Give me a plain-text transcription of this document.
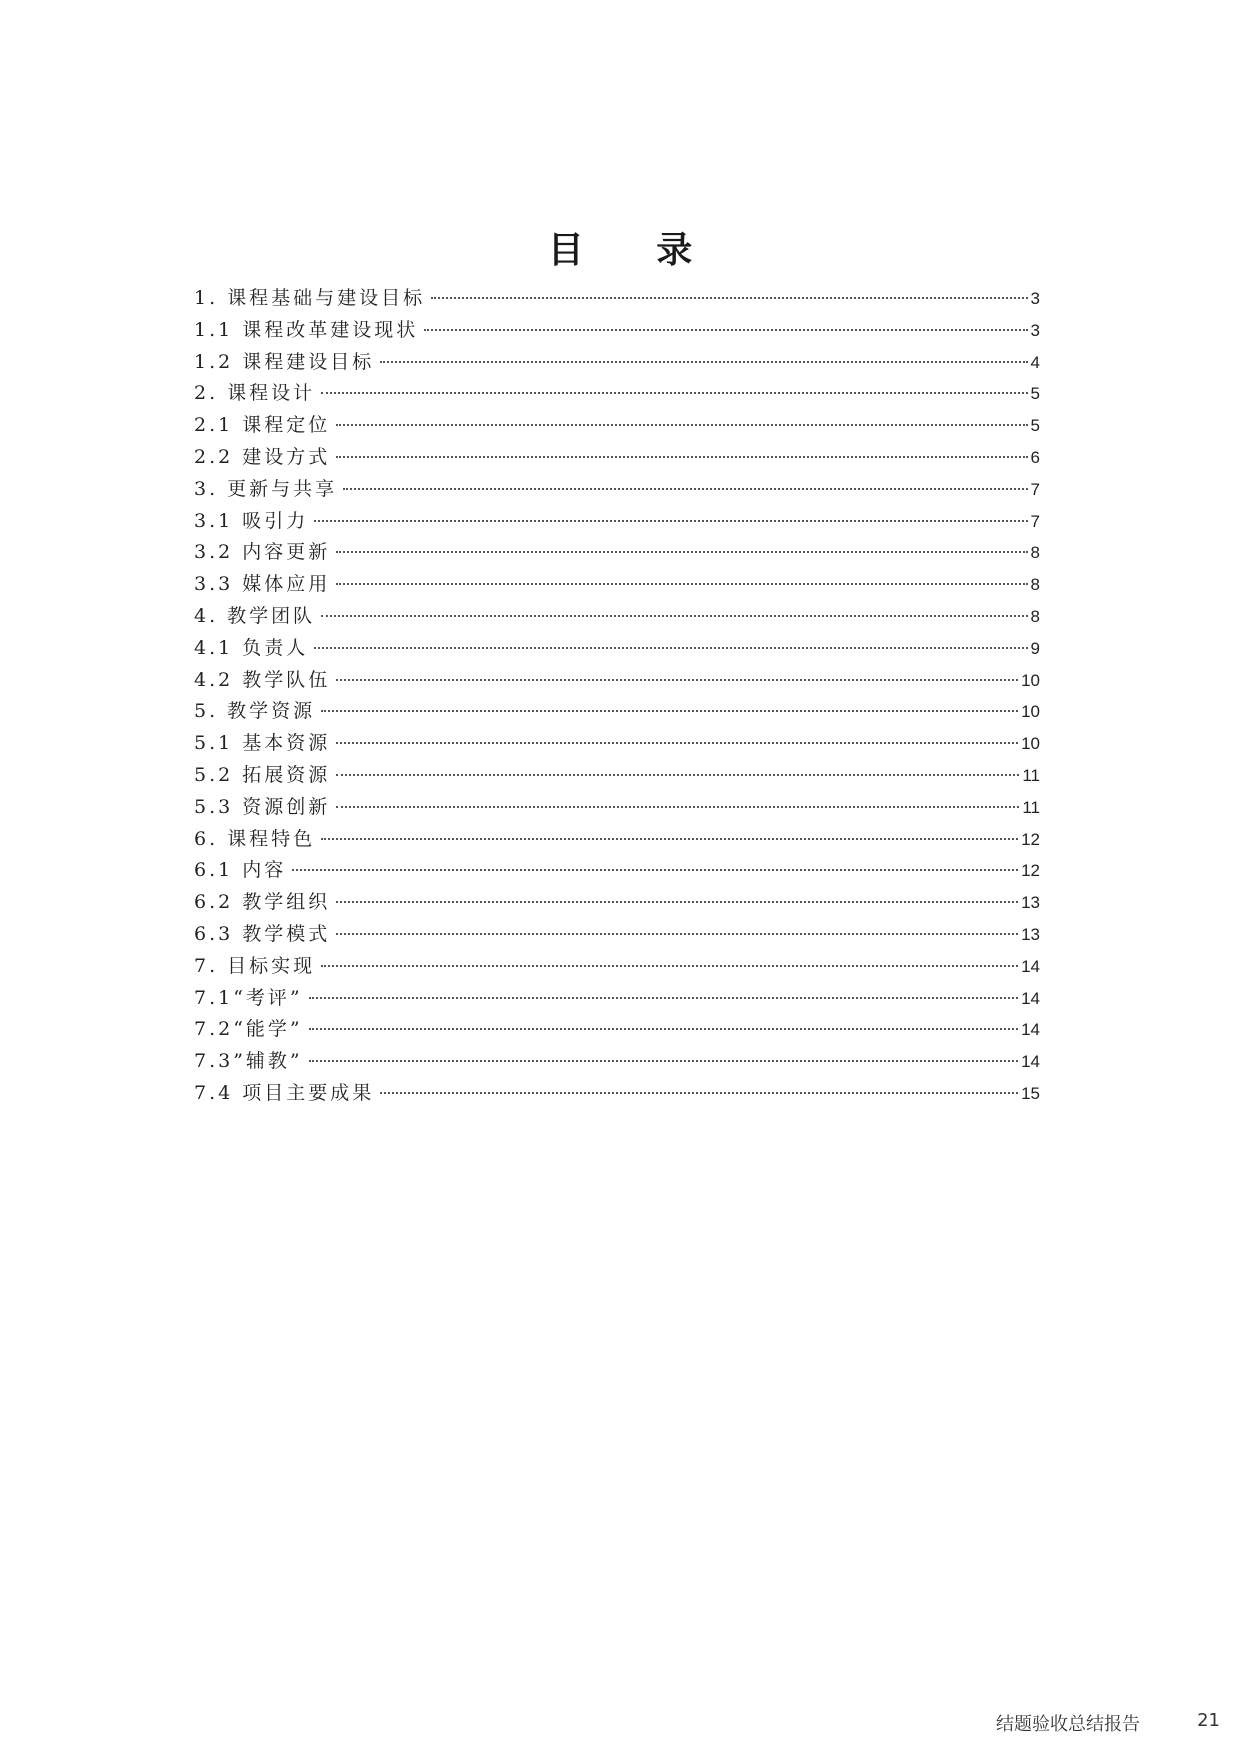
目 录
1. 课程基础与建设目标	3
1.1 课程改革建设现状	3
1.2 课程建设目标	4
2. 课程设计	5
2.1 课程定位	5
2.2 建设方式	6
3. 更新与共享	7
3.1 吸引力	7
3.2 内容更新	8
3.3 媒体应用	8
4. 教学团队	8
4.1 负责人	9
4.2 教学队伍	10
5. 教学资源	10
5.1 基本资源	10
5.2 拓展资源	11
5.3 资源创新	11
6. 课程特色	12
6.1 内容	12
6.2 教学组织	13
6.3 教学模式	13
7. 目标实现	14
7.1“考评”	14
7.2“能学”	14
7.3”辅教”	14
7.4 项目主要成果	15
结题验收总结报告	21
